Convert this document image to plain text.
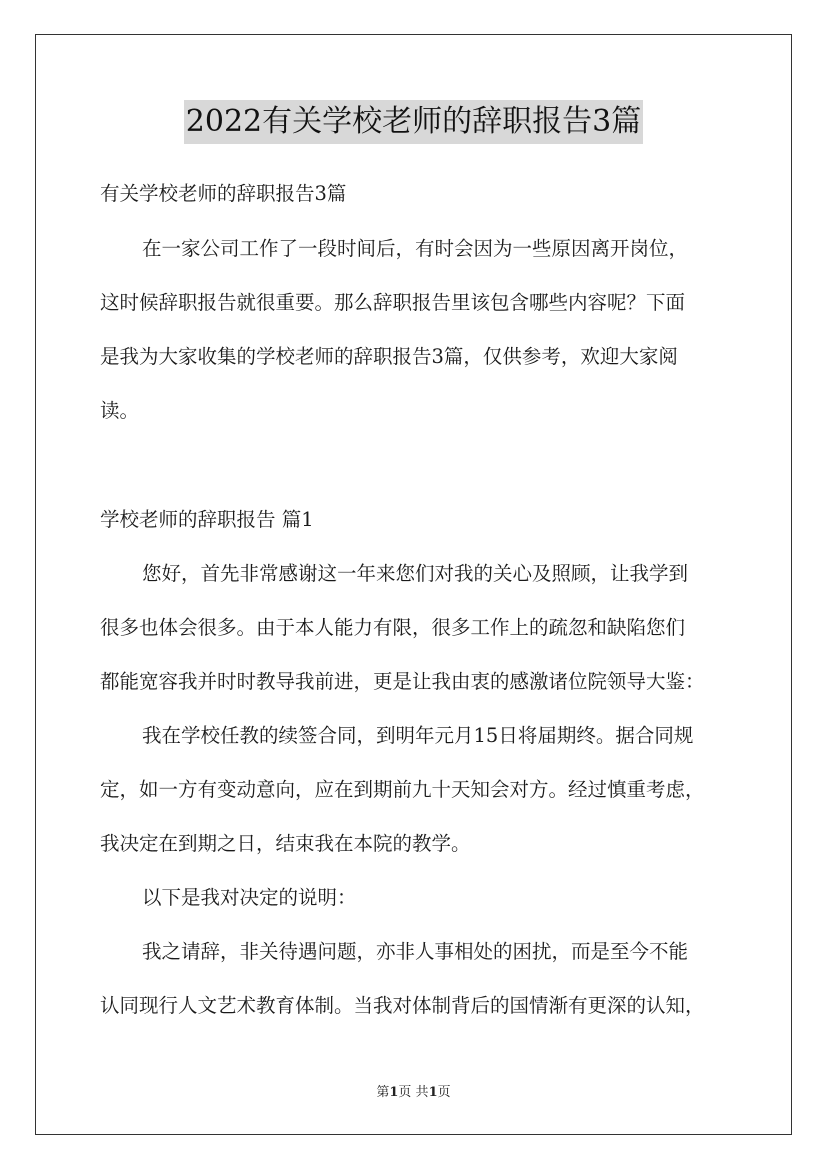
2022有关学校老师的辞职报告3篇
有关学校老师的辞职报告3篇
在一家公司工作了一段时间后，有时会因为一些原因离开岗位，
这时候辞职报告就很重要。那么辞职报告里该包含哪些内容呢？下面
是我为大家收集的学校老师的辞职报告3篇，仅供参考，欢迎大家阅
读。
学校老师的辞职报告 篇1
您好，首先非常感谢这一年来您们对我的关心及照顾，让我学到
很多也体会很多。由于本人能力有限，很多工作上的疏忽和缺陷您们
都能宽容我并时时教导我前进，更是让我由衷的感激诸位院领导大鉴：
我在学校任教的续签合同，到明年元月15日将届期终。据合同规
定，如一方有变动意向，应在到期前九十天知会对方。经过慎重考虑，
我决定在到期之日，结束我在本院的教学。
以下是我对决定的说明：
我之请辞，非关待遇问题，亦非人事相处的困扰，而是至今不能
认同现行人文艺术教育体制。当我对体制背后的国情渐有更深的认知，
第1页 共1页
